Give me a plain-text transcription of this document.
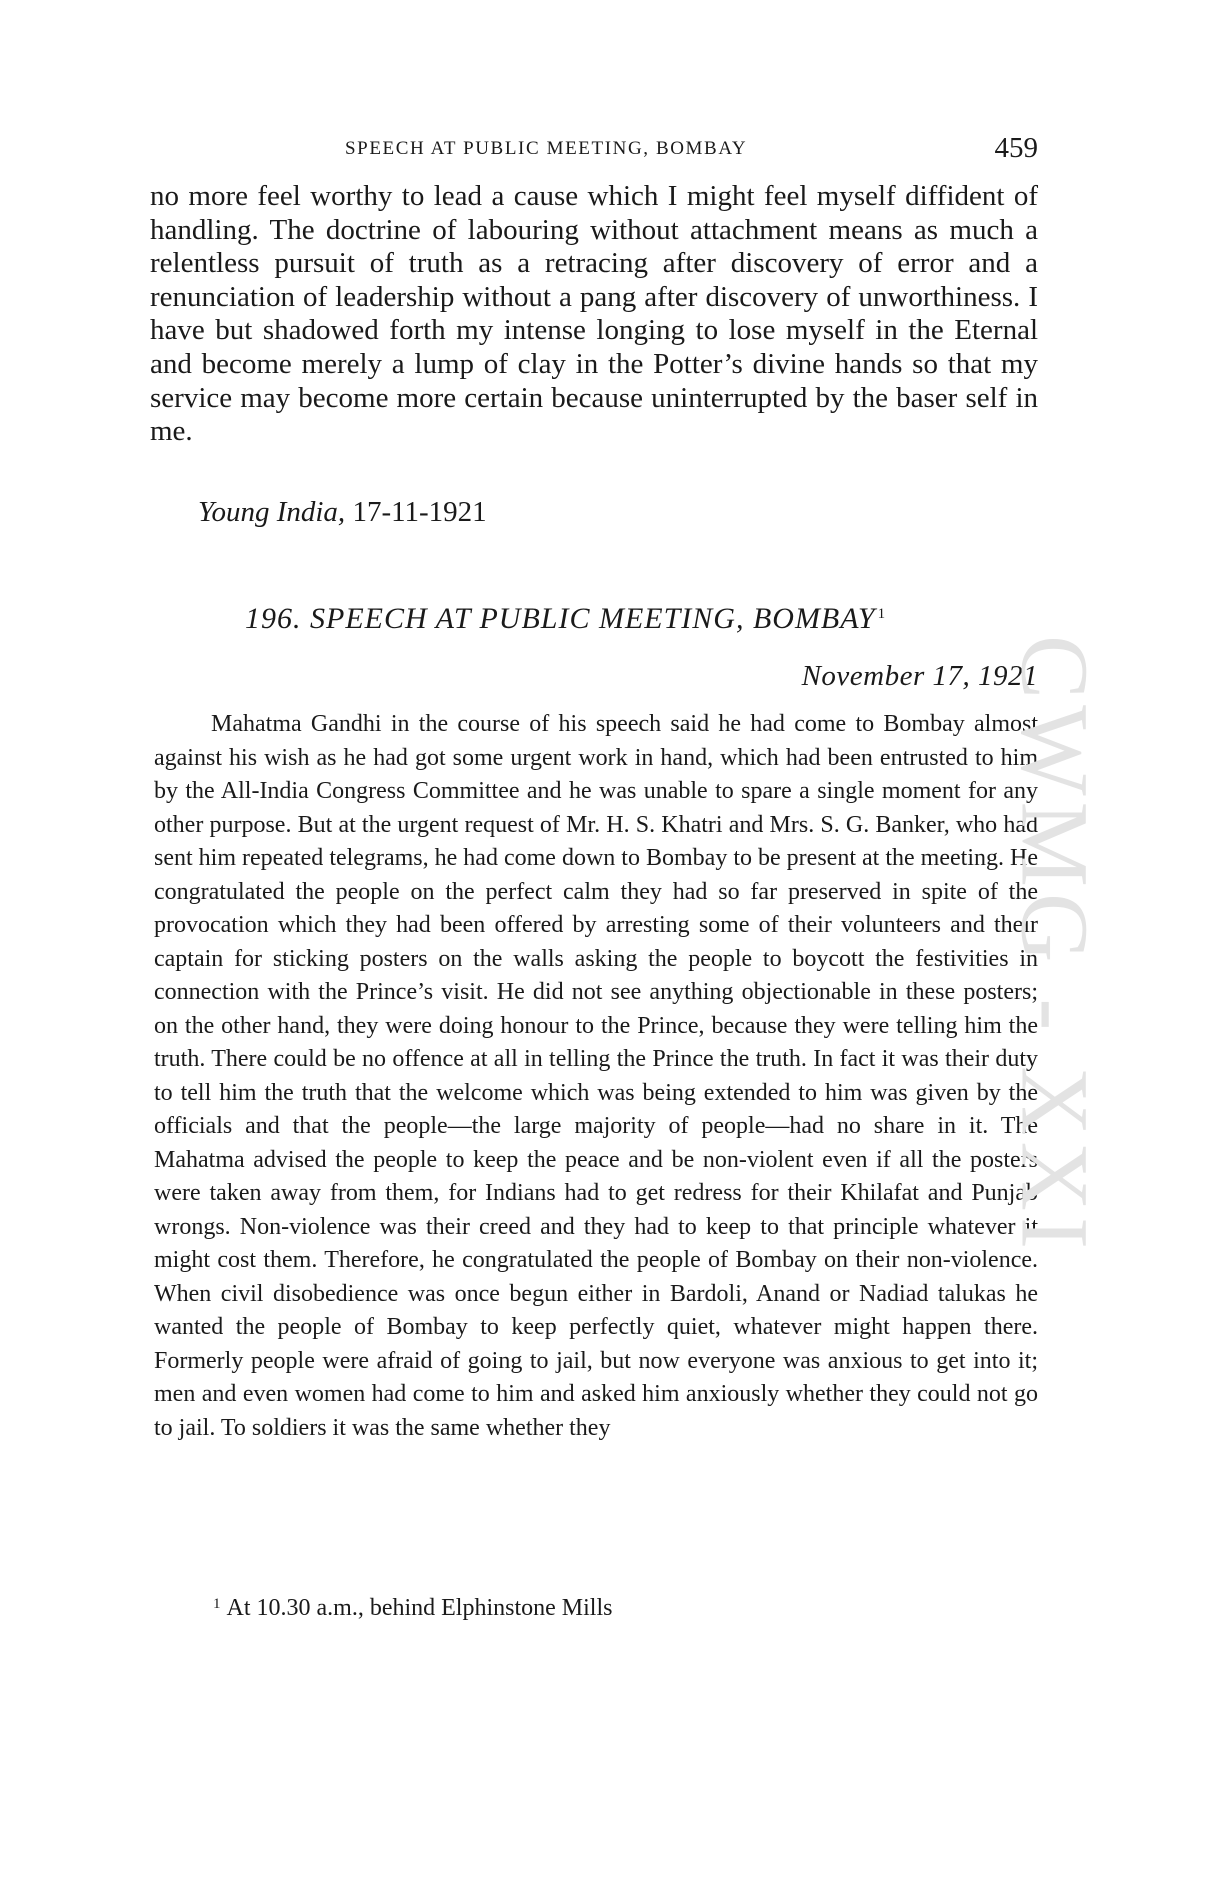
SPEECH AT PUBLIC MEETING, BOMBAY	459

no more feel worthy to lead a cause which I might feel myself diffident of handling. The doctrine of labouring without attachment means as much a relentless pursuit of truth as a retracing after discovery of error and a renunciation of leadership without a pang after discovery of unworthiness. I have but shadowed forth my intense longing to lose myself in the Eternal and become merely a lump of clay in the Potter’s divine hands so that my service may become more certain because uninterrupted by the baser self in me.

Young India, 17-11-1921
196. SPEECH AT PUBLIC MEETING, BOMBAY $^1$
November 17, 1921

Mahatma Gandhi in the course of his speech said he had come to Bombay almost against his wish as he had got some urgent work in hand, which had been entrusted to him by the All-India Congress Committee and he was unable to spare a single moment for any other purpose. But at the urgent request of Mr. H. S. Khatri and Mrs. S. G. Banker, who had sent him repeated telegrams, he had come down to Bombay to be present at the meeting. He congratulated the people on the perfect calm they had so far preserved in spite of the provocation which they had been offered by arresting some of their volunteers and their captain for sticking posters on the walls asking the people to boycott the festivities in connection with the Prince’s visit. He did not see anything objectionable in these posters; on the other hand, they were doing honour to the Prince, because they were telling him the truth. There could be no offence at all in telling the Prince the truth. In fact it was their duty to tell him the truth that the welcome which was being extended to him was given by the officials and that the people—the large majority of people—had no share in it. The Mahatma advised the people to keep the peace and be non-violent even if all the posters were taken away from them, for Indians had to get redress for their Khilafat and Punjab wrongs. Non-violence was their creed and they had to keep to that principle whatever it might cost them. Therefore, he congratulated the people of Bombay on their non-violence. When civil disobedience was once begun either in Bardoli, Anand or Nadiad talukas he wanted the people of Bombay to keep perfectly quiet, whatever might happen there. Formerly people were afraid of going to jail, but now everyone was anxious to get into it; men and even women had come to him and asked him anxiously whether they could not go to jail. To soldiers it was the same whether they

$^1$ At 10.30 a.m., behind Elphinstone Mills
CWMG - XXI
